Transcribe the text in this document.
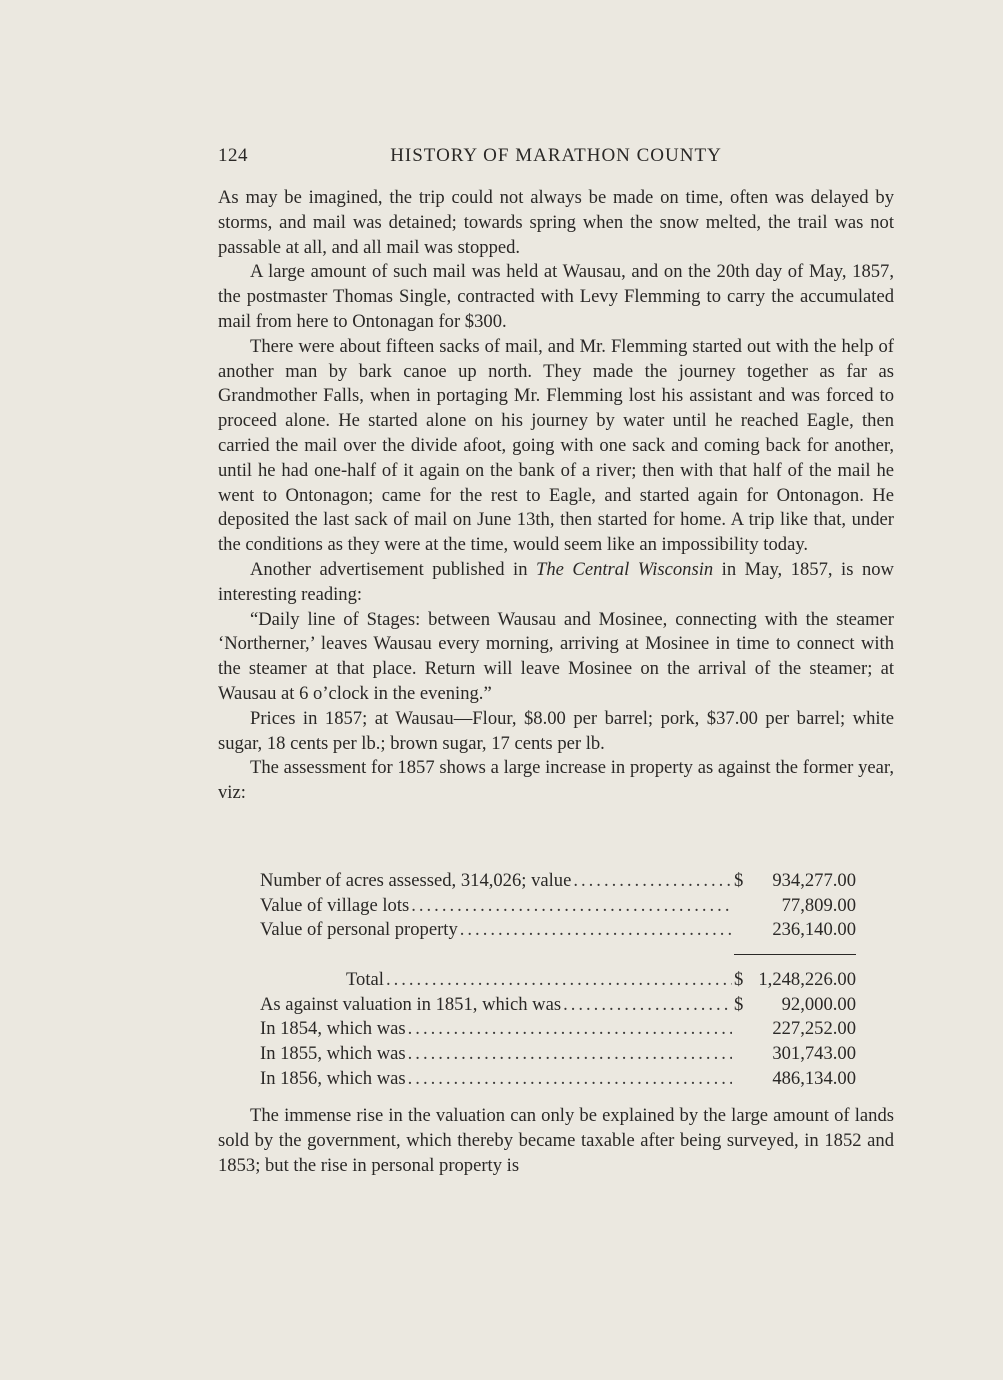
124	HISTORY OF MARATHON COUNTY

As may be imagined, the trip could not always be made on time, often was delayed by storms, and mail was detained; towards spring when the snow melted, the trail was not passable at all, and all mail was stopped.

A large amount of such mail was held at Wausau, and on the 20th day of May, 1857, the postmaster Thomas Single, contracted with Levy Flemming to carry the accumulated mail from here to Ontonagan for $300.

There were about fifteen sacks of mail, and Mr. Flemming started out with the help of another man by bark canoe up north. They made the journey together as far as Grandmother Falls, when in portaging Mr. Flemming lost his assistant and was forced to proceed alone. He started alone on his journey by water until he reached Eagle, then carried the mail over the divide afoot, going with one sack and coming back for another, until he had one-half of it again on the bank of a river; then with that half of the mail he went to Ontonagon; came for the rest to Eagle, and started again for Ontonagon. He deposited the last sack of mail on June 13th, then started for home. A trip like that, under the conditions as they were at the time, would seem like an impossibility today.

Another advertisement published in The Central Wisconsin in May, 1857, is now interesting reading:

“Daily line of Stages: between Wausau and Mosinee, connecting with the steamer ‘Northerner,’ leaves Wausau every morning, arriving at Mosinee in time to connect with the steamer at that place. Return will leave Mosinee on the arrival of the steamer; at Wausau at 6 o’clock in the evening.”

Prices in 1857; at Wausau—Flour, $8.00 per barrel; pork, $37.00 per barrel; white sugar, 18 cents per lb.; brown sugar, 17 cents per lb.

The assessment for 1857 shows a large increase in property as against the former year, viz:

Number of acres assessed, 314,026; value .....	$	934,277.00
Value of village lots .....	77,809.00
Value of personal property .....	236,140.00
Total .....	$ 1,248,226.00
As against valuation in 1851, which was .....	$	92,000.00
In 1854, which was .....	227,252.00
In 1855, which was .....	301,743.00
In 1856, which was .....	486,134.00

The immense rise in the valuation can only be explained by the large amount of lands sold by the government, which thereby became taxable after being surveyed, in 1852 and 1853; but the rise in personal property is
